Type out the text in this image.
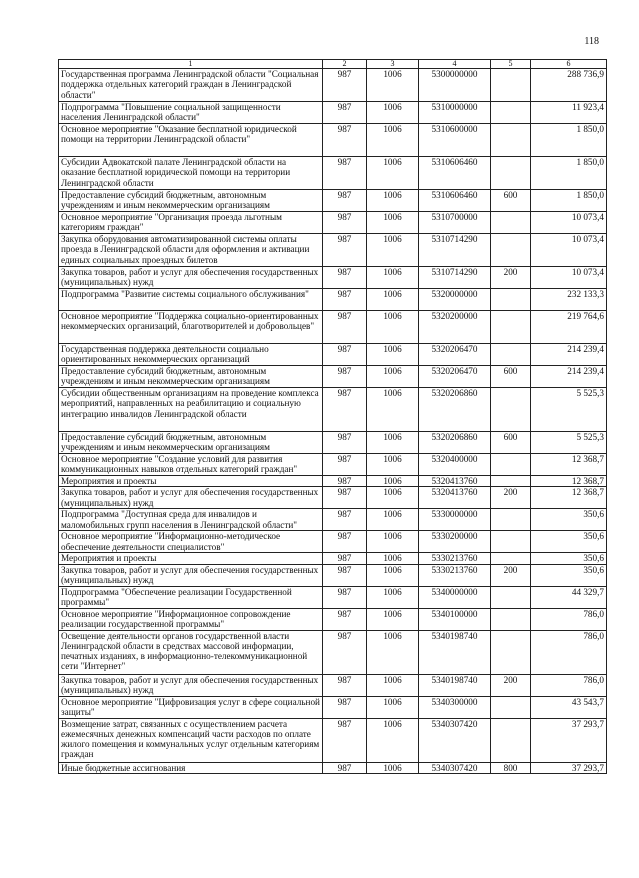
118
1	2	3	4	5	6
Государственная программа Ленинградской области "Социальная поддержка отдельных категорий граждан в Ленинградской области"	987	1006	5300000000		288 736,9
Подпрограмма "Повышение социальной защищенности населения Ленинградской области"	987	1006	5310000000		11 923,4
Основное мероприятие "Оказание бесплатной юридической помощи на территории Ленинградской области"	987	1006	5310600000		1 850,0
Субсидии Адвокатской палате Ленинградской области на оказание бесплатной юридической помощи на территории Ленинградской области	987	1006	5310606460		1 850,0
Предоставление субсидий бюджетным, автономным учреждениям и иным некоммерческим организациям	987	1006	5310606460	600	1 850,0
Основное мероприятие "Организация проезда льготным категориям граждан"	987	1006	5310700000		10 073,4
Закупка оборудования автоматизированной системы оплаты проезда в Ленинградской области для оформления и активации единых социальных проездных билетов	987	1006	5310714290		10 073,4
Закупка товаров, работ и услуг для обеспечения государственных (муниципальных) нужд	987	1006	5310714290	200	10 073,4
Подпрограмма "Развитие системы социального обслуживания"	987	1006	5320000000		232 133,3
Основное мероприятие "Поддержка социально-ориентированных некоммерческих организаций, благотворителей и добровольцев"	987	1006	5320200000		219 764,6
Государственная поддержка деятельности социально ориентированных некоммерческих организаций	987	1006	5320206470		214 239,4
Предоставление субсидий бюджетным, автономным учреждениям и иным некоммерческим организациям	987	1006	5320206470	600	214 239,4
Субсидии общественным организациям на проведение комплекса мероприятий, направленных на реабилитацию и социальную интеграцию инвалидов Ленинградской области	987	1006	5320206860		5 525,3
Предоставление субсидий бюджетным, автономным учреждениям и иным некоммерческим организациям	987	1006	5320206860	600	5 525,3
Основное мероприятие "Создание условий для развития коммуникационных навыков отдельных категорий граждан"	987	1006	5320400000		12 368,7
Мероприятия и проекты	987	1006	5320413760		12 368,7
Закупка товаров, работ и услуг для обеспечения государственных (муниципальных) нужд	987	1006	5320413760	200	12 368,7
Подпрограмма "Доступная среда для инвалидов и маломобильных групп населения в Ленинградской области"	987	1006	5330000000		350,6
Основное мероприятие "Информационно-методическое обеспечение деятельности специалистов"	987	1006	5330200000		350,6
Мероприятия и проекты	987	1006	5330213760		350,6
Закупка товаров, работ и услуг для обеспечения государственных (муниципальных) нужд	987	1006	5330213760	200	350,6
Подпрограмма "Обеспечение реализации Государственной программы"	987	1006	5340000000		44 329,7
Основное мероприятие "Информационное сопровождение реализации государственной программы"	987	1006	5340100000		786,0
Освещение деятельности органов государственной власти Ленинградской области в средствах массовой информации, печатных изданиях, в информационно-телекоммуникационной сети "Интернет"	987	1006	5340198740		786,0
Закупка товаров, работ и услуг для обеспечения государственных (муниципальных) нужд	987	1006	5340198740	200	786,0
Основное мероприятие "Цифровизация услуг в сфере социальной защиты"	987	1006	5340300000		43 543,7
Возмещение затрат, связанных с осуществлением расчета ежемесячных денежных компенсаций части расходов по оплате жилого помещения и коммунальных услуг отдельным категориям граждан	987	1006	5340307420		37 293,7
Иные бюджетные ассигнования	987	1006	5340307420	800	37 293,7
